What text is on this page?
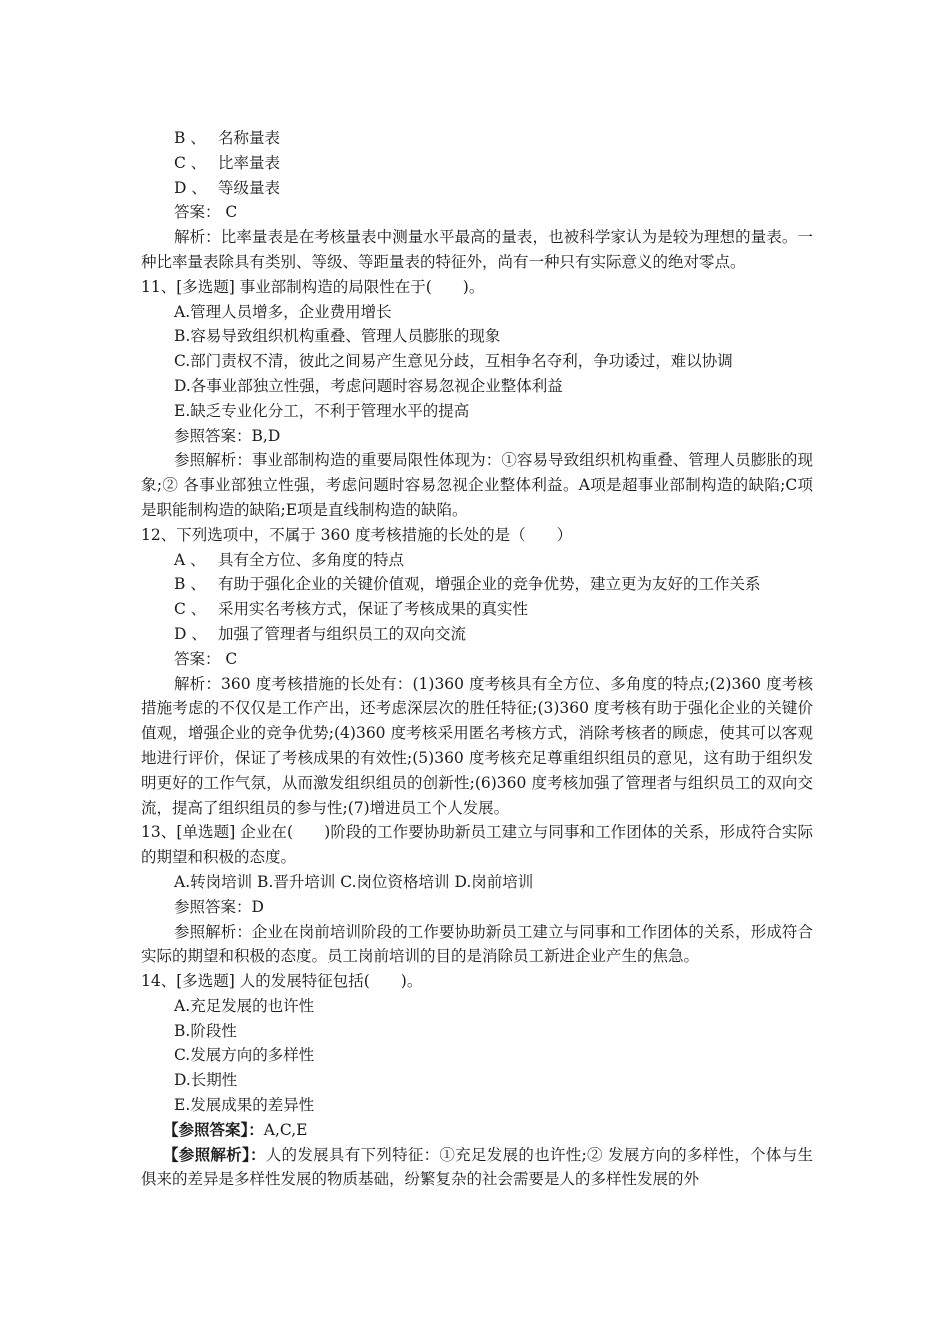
B 、 名称量表
C 、 比率量表
D 、 等级量表
答案： C
解析：比率量表是在考核量表中测量水平最高的量表，也被科学家认为是较为理想的量表。一种比率量表除具有类别、等级、等距量表的特征外，尚有一种只有实际意义的绝对零点。
11、[多选题] 事业部制构造的局限性在于(　　)。
A.管理人员增多，企业费用增长
B.容易导致组织机构重叠、管理人员膨胀的现象
C.部门责权不清，彼此之间易产生意见分歧，互相争名夺利，争功诿过，难以协调
D.各事业部独立性强，考虑问题时容易忽视企业整体利益
E.缺乏专业化分工，不利于管理水平的提高
参照答案：B,D
参照解析：事业部制构造的重要局限性体现为：①容易导致组织机构重叠、管理人员膨胀的现象;② 各事业部独立性强，考虑问题时容易忽视企业整体利益。A项是超事业部制构造的缺陷;C项是职能制构造的缺陷;E项是直线制构造的缺陷。
12、下列选项中，不属于 360 度考核措施的长处的是（　　）
A 、 具有全方位、多角度的特点
B 、 有助于强化企业的关键价值观，增强企业的竞争优势，建立更为友好的工作关系
C 、 采用实名考核方式，保证了考核成果的真实性
D 、 加强了管理者与组织员工的双向交流
答案： C
解析：360 度考核措施的长处有：(1)360 度考核具有全方位、多角度的特点;(2)360 度考核措施考虑的不仅仅是工作产出，还考虑深层次的胜任特征;(3)360 度考核有助于强化企业的关键价值观，增强企业的竞争优势;(4)360 度考核采用匿名考核方式，消除考核者的顾虑，使其可以客观地进行评价，保证了考核成果的有效性;(5)360 度考核充足尊重组织组员的意见，这有助于组织发明更好的工作气氛，从而激发组织组员的创新性;(6)360 度考核加强了管理者与组织员工的双向交流，提高了组织组员的参与性;(7)增进员工个人发展。
13、[单选题] 企业在(　　)阶段的工作要协助新员工建立与同事和工作团体的关系，形成符合实际的期望和积极的态度。
A.转岗培训 B.晋升培训 C.岗位资格培训 D.岗前培训
参照答案：D
参照解析：企业在岗前培训阶段的工作要协助新员工建立与同事和工作团体的关系，形成符合实际的期望和积极的态度。员工岗前培训的目的是消除员工新进企业产生的焦急。
14、[多选题] 人的发展特征包括(　　)。
A.充足发展的也许性
B.阶段性
C.发展方向的多样性
D.长期性
E.发展成果的差异性
【参照答案】：A,C,E
【参照解析】：人的发展具有下列特征：①充足发展的也许性;② 发展方向的多样性，个体与生俱来的差异是多样性发展的物质基础，纷繁复杂的社会需要是人的多样性发展的外
